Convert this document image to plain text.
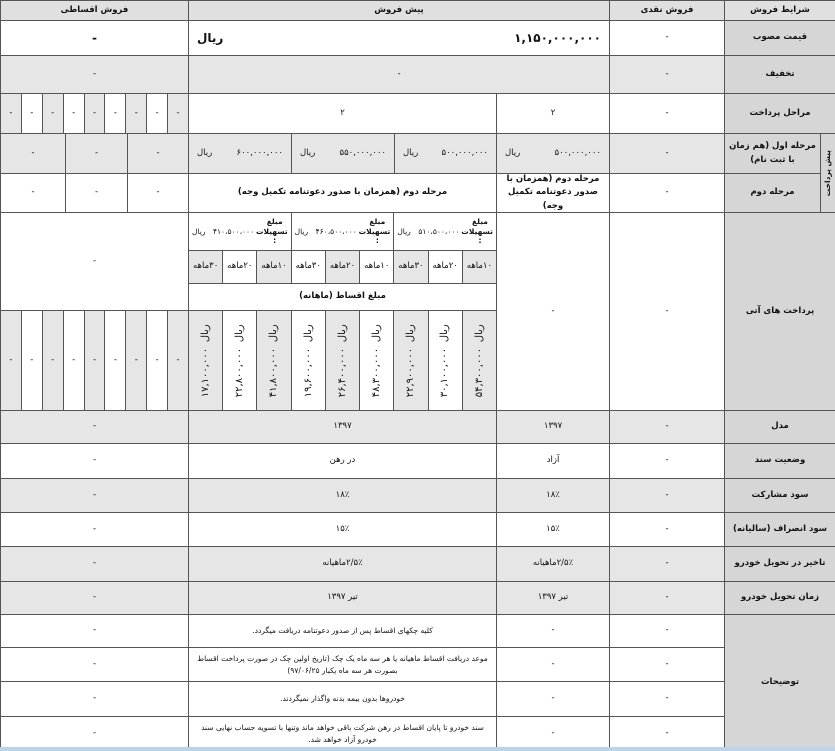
شرایط فروش
فروش نقدی
پیش فروش
فروش اقساطی
قیمت مصوب
-
۱,۱۵۰,۰۰۰,۰۰۰
ریال
-
تخفیف
-
-
-
مراحل پرداخت
-
۲
۲
-
-
-
-
-
-
-
-
-
پیش پرداخت
مرحله اول (هم زمان با ثبت نام)
-
۵۰۰,۰۰۰,۰۰۰
ریال
۵۰۰,۰۰۰,۰۰۰
ریال
۵۵۰,۰۰۰,۰۰۰
ریال
۶۰۰,۰۰۰,۰۰۰
ریال
-
-
-
مرحله دوم
-
مرحله دوم (همزمان با صدور دعوتنامه تکمیل وجه)
مرحله دوم (همزمان با صدور دعوتنامه تکمیل وجه)
-
-
-
پرداخت های آتی
-
-
مبلغ تسهیلات :
۵۱۰،۵۰۰،۰۰۰
ریال
مبلغ تسهیلات :
۴۶۰،۵۰۰،۰۰۰
ریال
مبلغ تسهیلات :
۴۱۰،۵۰۰،۰۰۰
ریال
۱۰ماهه
۵۴,۳۰۰,۰۰۰ریال
-
۲۰ماهه
۳۰,۱۰۰,۰۰۰ریال
-
۳۰ماهه
۲۲,۹۰۰,۰۰۰ریال
-
۱۰ماهه
۴۸,۳۰۰,۰۰۰ریال
-
۲۰ماهه
۲۶,۴۰۰,۰۰۰ریال
-
۳۰ماهه
۱۹,۶۰۰,۰۰۰ریال
-
۱۰ماهه
۴۱,۸۰۰,۰۰۰ریال
-
۲۰ماهه
۲۲,۸۰۰,۰۰۰ریال
-
۳۰ماهه
۱۷,۱۰۰,۰۰۰ریال
-
مبلغ اقساط (ماهانه)
-
مدل
-
۱۳۹۷
۱۳۹۷
-
وضعیت سند
-
آزاد
در رهن
-
سود مشارکت
-
۱۸٪
۱۸٪
-
سود انصراف (سالیانه)
-
۱۵٪
۱۵٪
-
تاخیر در تحویل خودرو
-
۲/۵٪ماهیانه
۲/۵٪ماهیانه
-
زمان تحویل خودرو
-
تیر ۱۳۹۷
تیر ۱۳۹۷
-
توضیحات
-
-
کلیه چکهای اقساط پس از صدور دعوتنامه دریافت میگردد.
-
-
-
موعد دریافت اقساط ماهیانه یا هر سه ماه یک چک (تاریخ اولین چک در صورت پرداخت اقساط بصورت هر سه ماه یکبار ۹۷/۰۶/۲۵)
-
-
-
خودروها بدون بیمه بدنه واگذار نمیگردند.
-
-
-
سند خودرو تا پایان اقساط در رهن شرکت باقی خواهد ماند وتنها با تسویه حساب نهایی سند خودرو آزاد خواهد شد.
-
